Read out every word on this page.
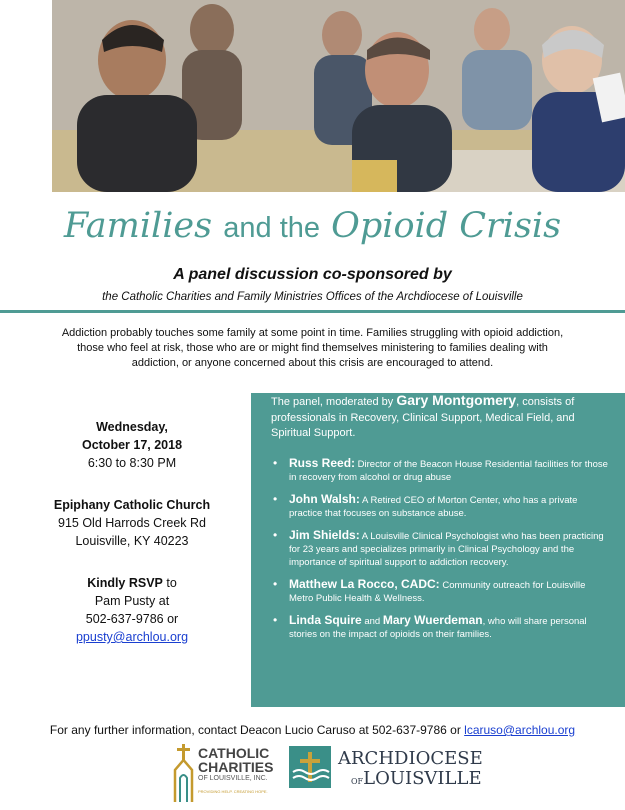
Families and the Opioid Crisis
A panel discussion co-sponsored by
the Catholic Charities and Family Ministries Offices of the Archdiocese of Louisville
Addiction probably touches some family at some point in time. Families struggling with opioid addiction, those who feel at risk, those who are or might find themselves ministering to families dealing with addiction, or anyone concerned about this crisis are encouraged to attend.
Wednesday,
October 17, 2018
6:30 to 8:30 PM
Epiphany Catholic Church
915 Old Harrods Creek Rd
Louisville, KY 40223
Kindly RSVP to
Pam Pusty at
502-637-9786 or
ppusty@archlou.org
The panel, moderated by Gary Montgomery, consists of professionals in Recovery, Clinical Support, Medical Field, and Spiritual Support.
• Russ Reed: Director of the Beacon House Residential facilities for those in recovery from alcohol or drug abuse
• John Walsh: A Retired CEO of Morton Center, who has a private practice that focuses on substance abuse.
• Jim Shields: A Louisville Clinical Psychologist who has been practicing for 23 years and specializes primarily in Clinical Psychology and the importance of spiritual support to addiction recovery.
• Matthew La Rocco, CADC: Community outreach for Louisville Metro Public Health & Wellness.
• Linda Squire and Mary Wuerdeman, who will share personal stories on the impact of opioids on their families.
For any further information, contact Deacon Lucio Caruso at 502-637-9786 or lcaruso@archlou.org
CATHOLIC
CHARITIES
OF LOUISVILLE, INC.
PROVIDING HELP. CREATING HOPE.
ARCHDIOCESE
OFLOUISVILLE
